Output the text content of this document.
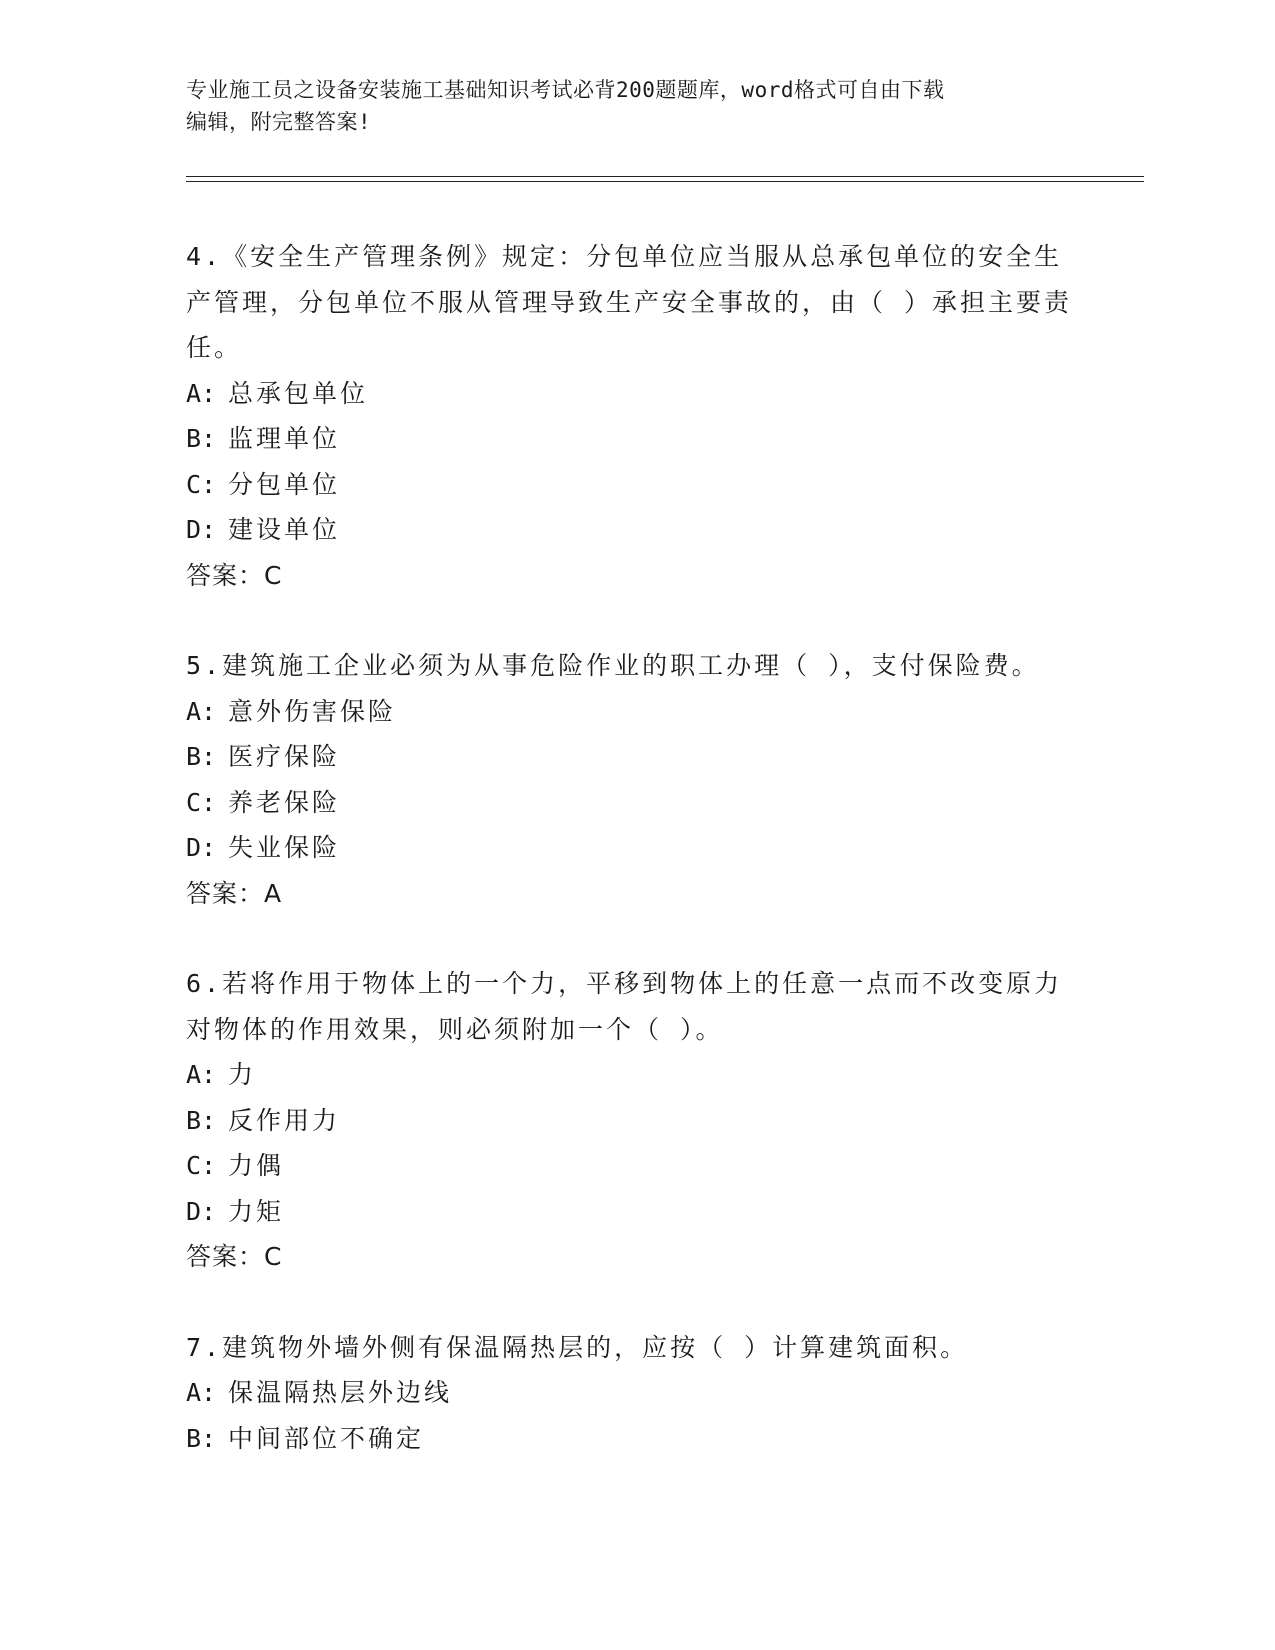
专业施工员之设备安装施工基础知识考试必背200题题库，word格式可自由下载
编辑，附完整答案!
4.《安全生产管理条例》规定：分包单位应当服从总承包单位的安全生产管理，分包单位不服从管理导致生产安全事故的，由（ ）承担主要责任。
A: 总承包单位
B: 监理单位
C: 分包单位
D: 建设单位
答案：C
5.建筑施工企业必须为从事危险作业的职工办理（ ），支付保险费。
A: 意外伤害保险
B: 医疗保险
C: 养老保险
D: 失业保险
答案：A
6.若将作用于物体上的一个力，平移到物体上的任意一点而不改变原力对物体的作用效果，则必须附加一个（ ）。
A: 力
B: 反作用力
C: 力偶
D: 力矩
答案：C
7.建筑物外墙外侧有保温隔热层的，应按（ ）计算建筑面积。
A: 保温隔热层外边线
B: 中间部位不确定
